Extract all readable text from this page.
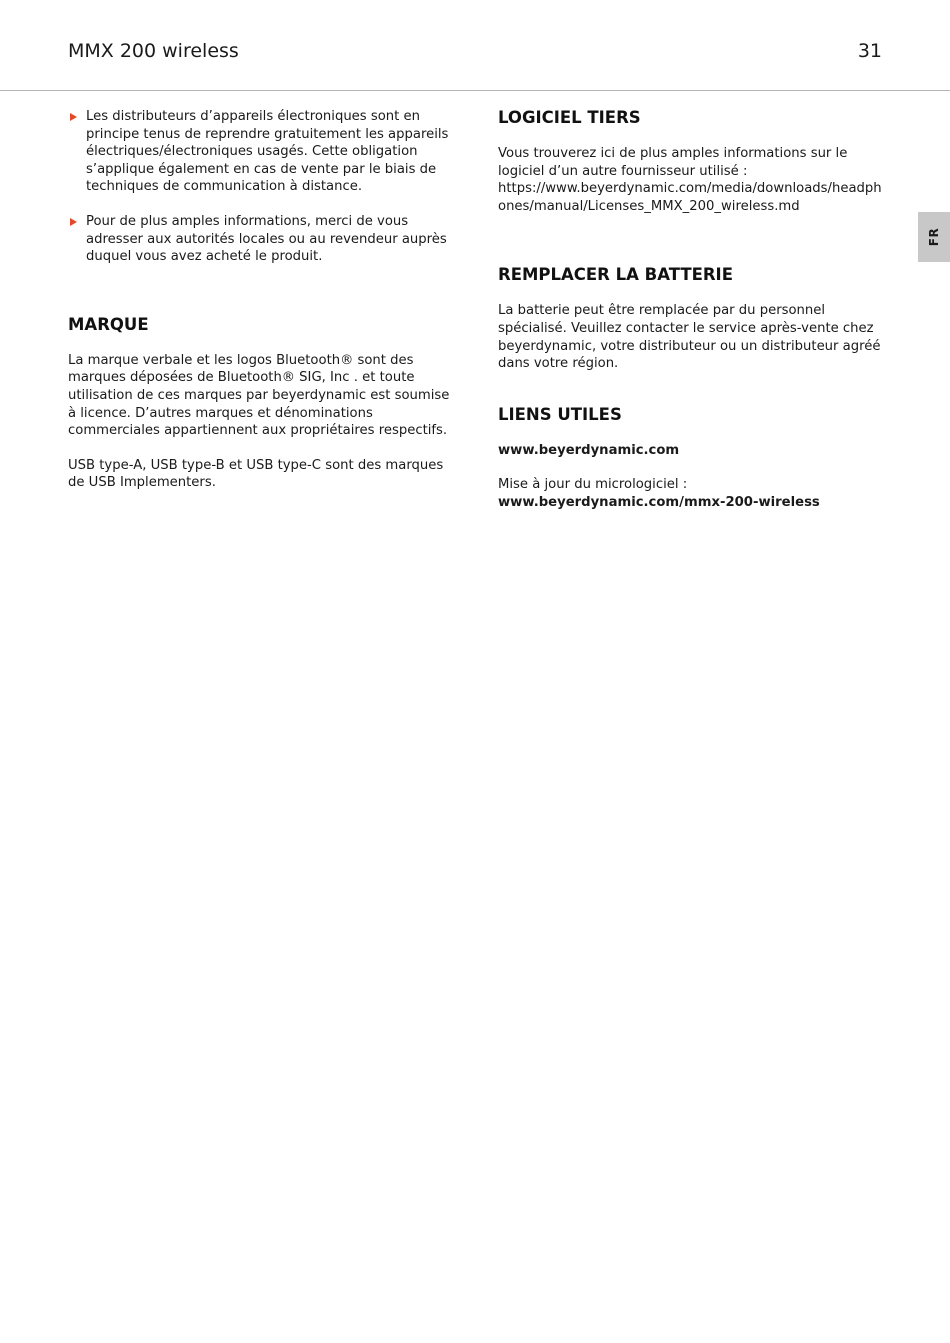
MMX 200 wireless	31
FR

Les distributeurs d’appareils électroniques sont en principe tenus de reprendre gratuitement les appareils électriques/électroniques usagés. Cette obligation s’applique également en cas de vente par le biais de techniques de communication à distance.

Pour de plus amples informations, merci de vous adresser aux autorités locales ou au revendeur auprès duquel vous avez acheté le produit.

MARQUE

La marque verbale et les logos Bluetooth® sont des marques déposées de Bluetooth® SIG, Inc . et toute utilisation de ces marques par beyerdynamic est soumise à licence. D’autres marques et dénominations commerciales appartiennent aux propriétaires respectifs.

USB type-A, USB type-B et USB type-C sont des marques de USB Implementers.

LOGICIEL TIERS

Vous trouverez ici de plus amples informations sur le logiciel d’un autre fournisseur utilisé :

https://www.beyerdynamic.com/media/downloads/headphones/manual/Licenses_MMX_200_wireless.md

REMPLACER LA BATTERIE

La batterie peut être remplacée par du personnel spécialisé. Veuillez contacter le service après-vente chez beyerdynamic, votre distributeur ou un distributeur agréé dans votre région.

LIENS UTILES

www.beyerdynamic.com

Mise à jour du micrologiciel :

www.beyerdynamic.com/mmx-200-wireless
